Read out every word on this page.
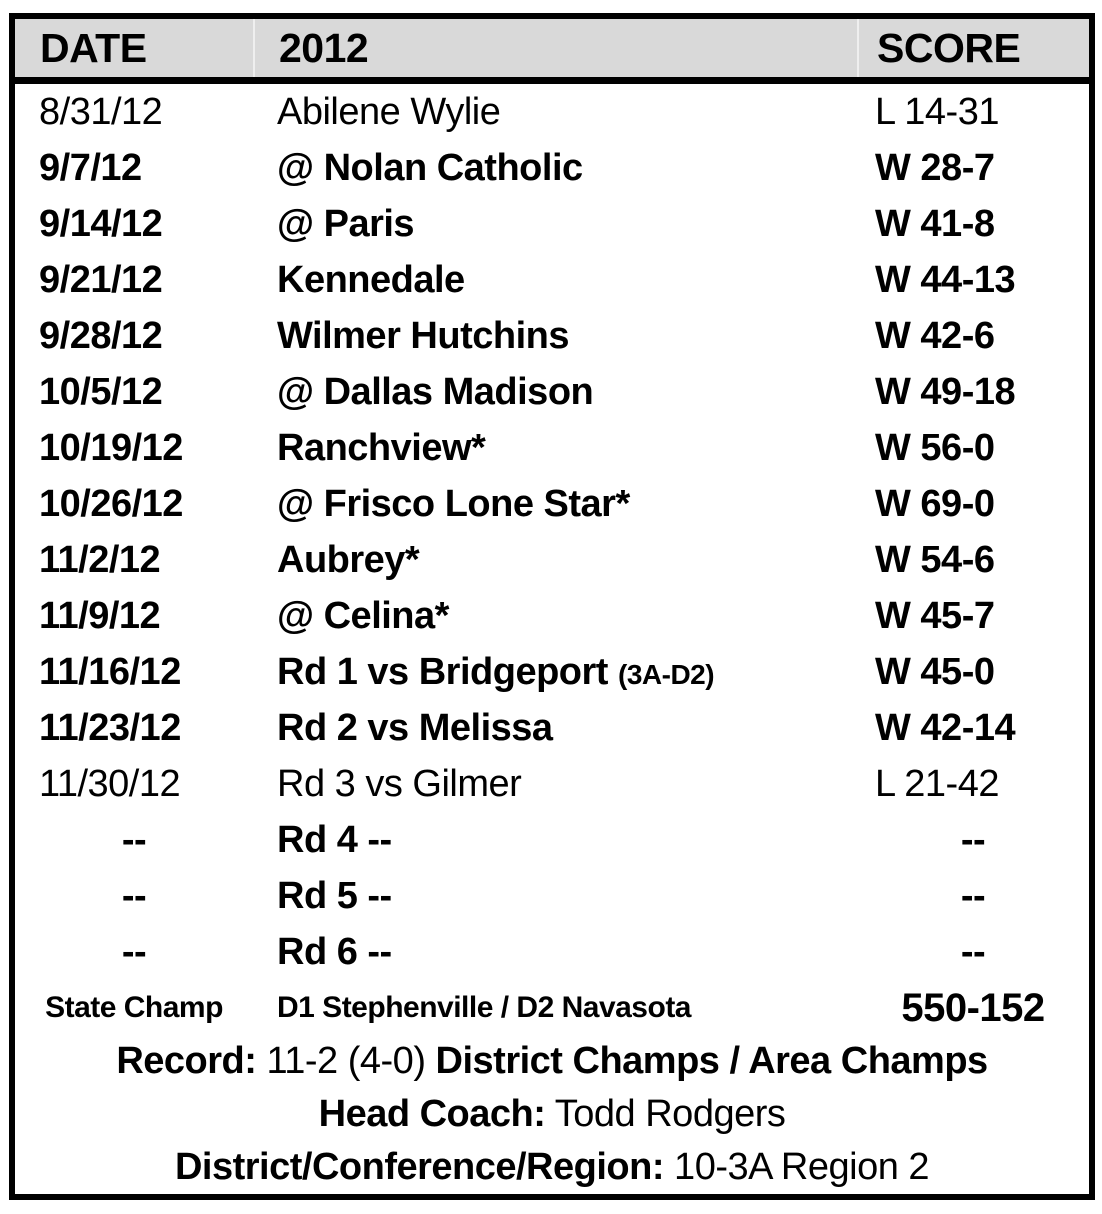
DATE	2012	SCORE
8/31/12	Abilene Wylie	L 14-31
9/7/12	@ Nolan Catholic	W 28-7
9/14/12	@ Paris	W 41-8
9/21/12	Kennedale	W 44-13
9/28/12	Wilmer Hutchins	W 42-6
10/5/12	@ Dallas Madison	W 49-18
10/19/12	Ranchview*	W 56-0
10/26/12	@ Frisco Lone Star*	W 69-0
11/2/12	Aubrey*	W 54-6
11/9/12	@ Celina*	W 45-7
11/16/12	Rd 1 vs Bridgeport (3A-D2)	W 45-0
11/23/12	Rd 2 vs Melissa	W 42-14
11/30/12	Rd 3 vs Gilmer	L 21-42
--	Rd 4 --	--
--	Rd 5 --	--
--	Rd 6 --	--
State Champ	D1 Stephenville / D2 Navasota	550-152
Record: 11-2 (4-0) District Champs / Area Champs
Head Coach: Todd Rodgers
District/Conference/Region: 10-3A Region 2
